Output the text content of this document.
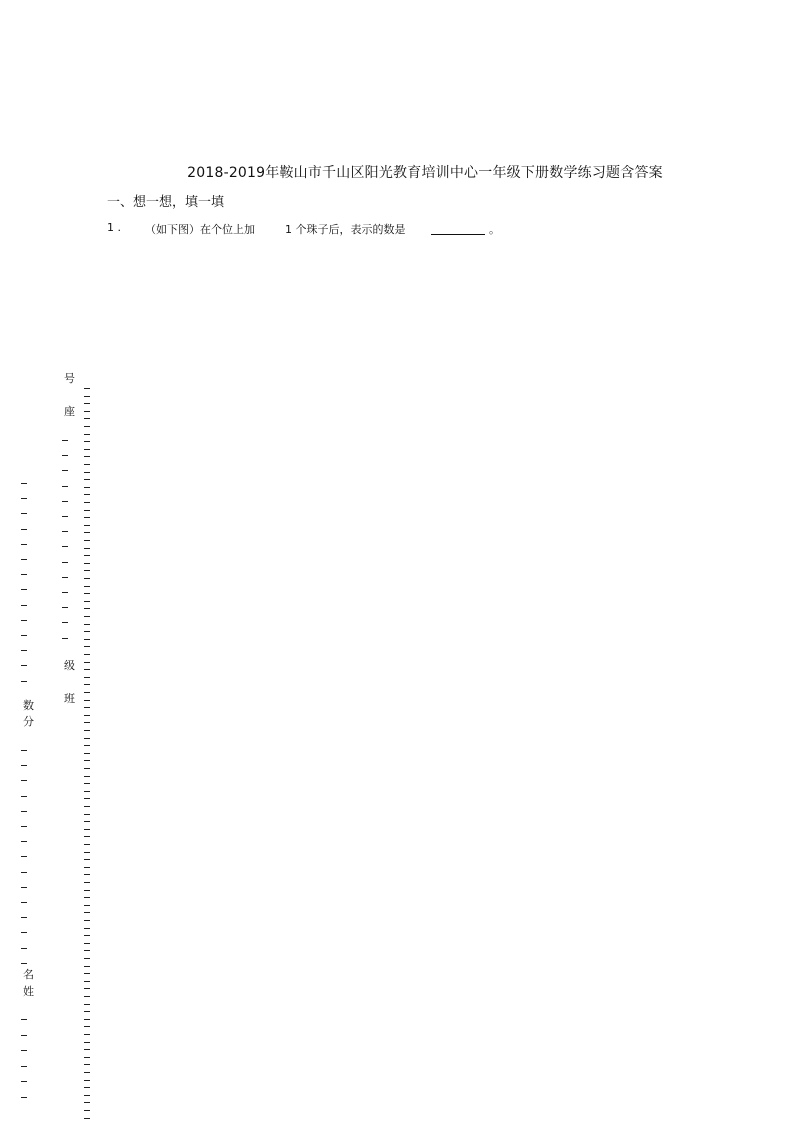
2018-2019年鞍山市千山区阳光教育培训中心一年级下册数学练习题含答案
一、想一想，填一填
1 . （如下图）在个位上加	1 个珠子后，表示的数是	。
号
座
级
班
数
分
名
姓
